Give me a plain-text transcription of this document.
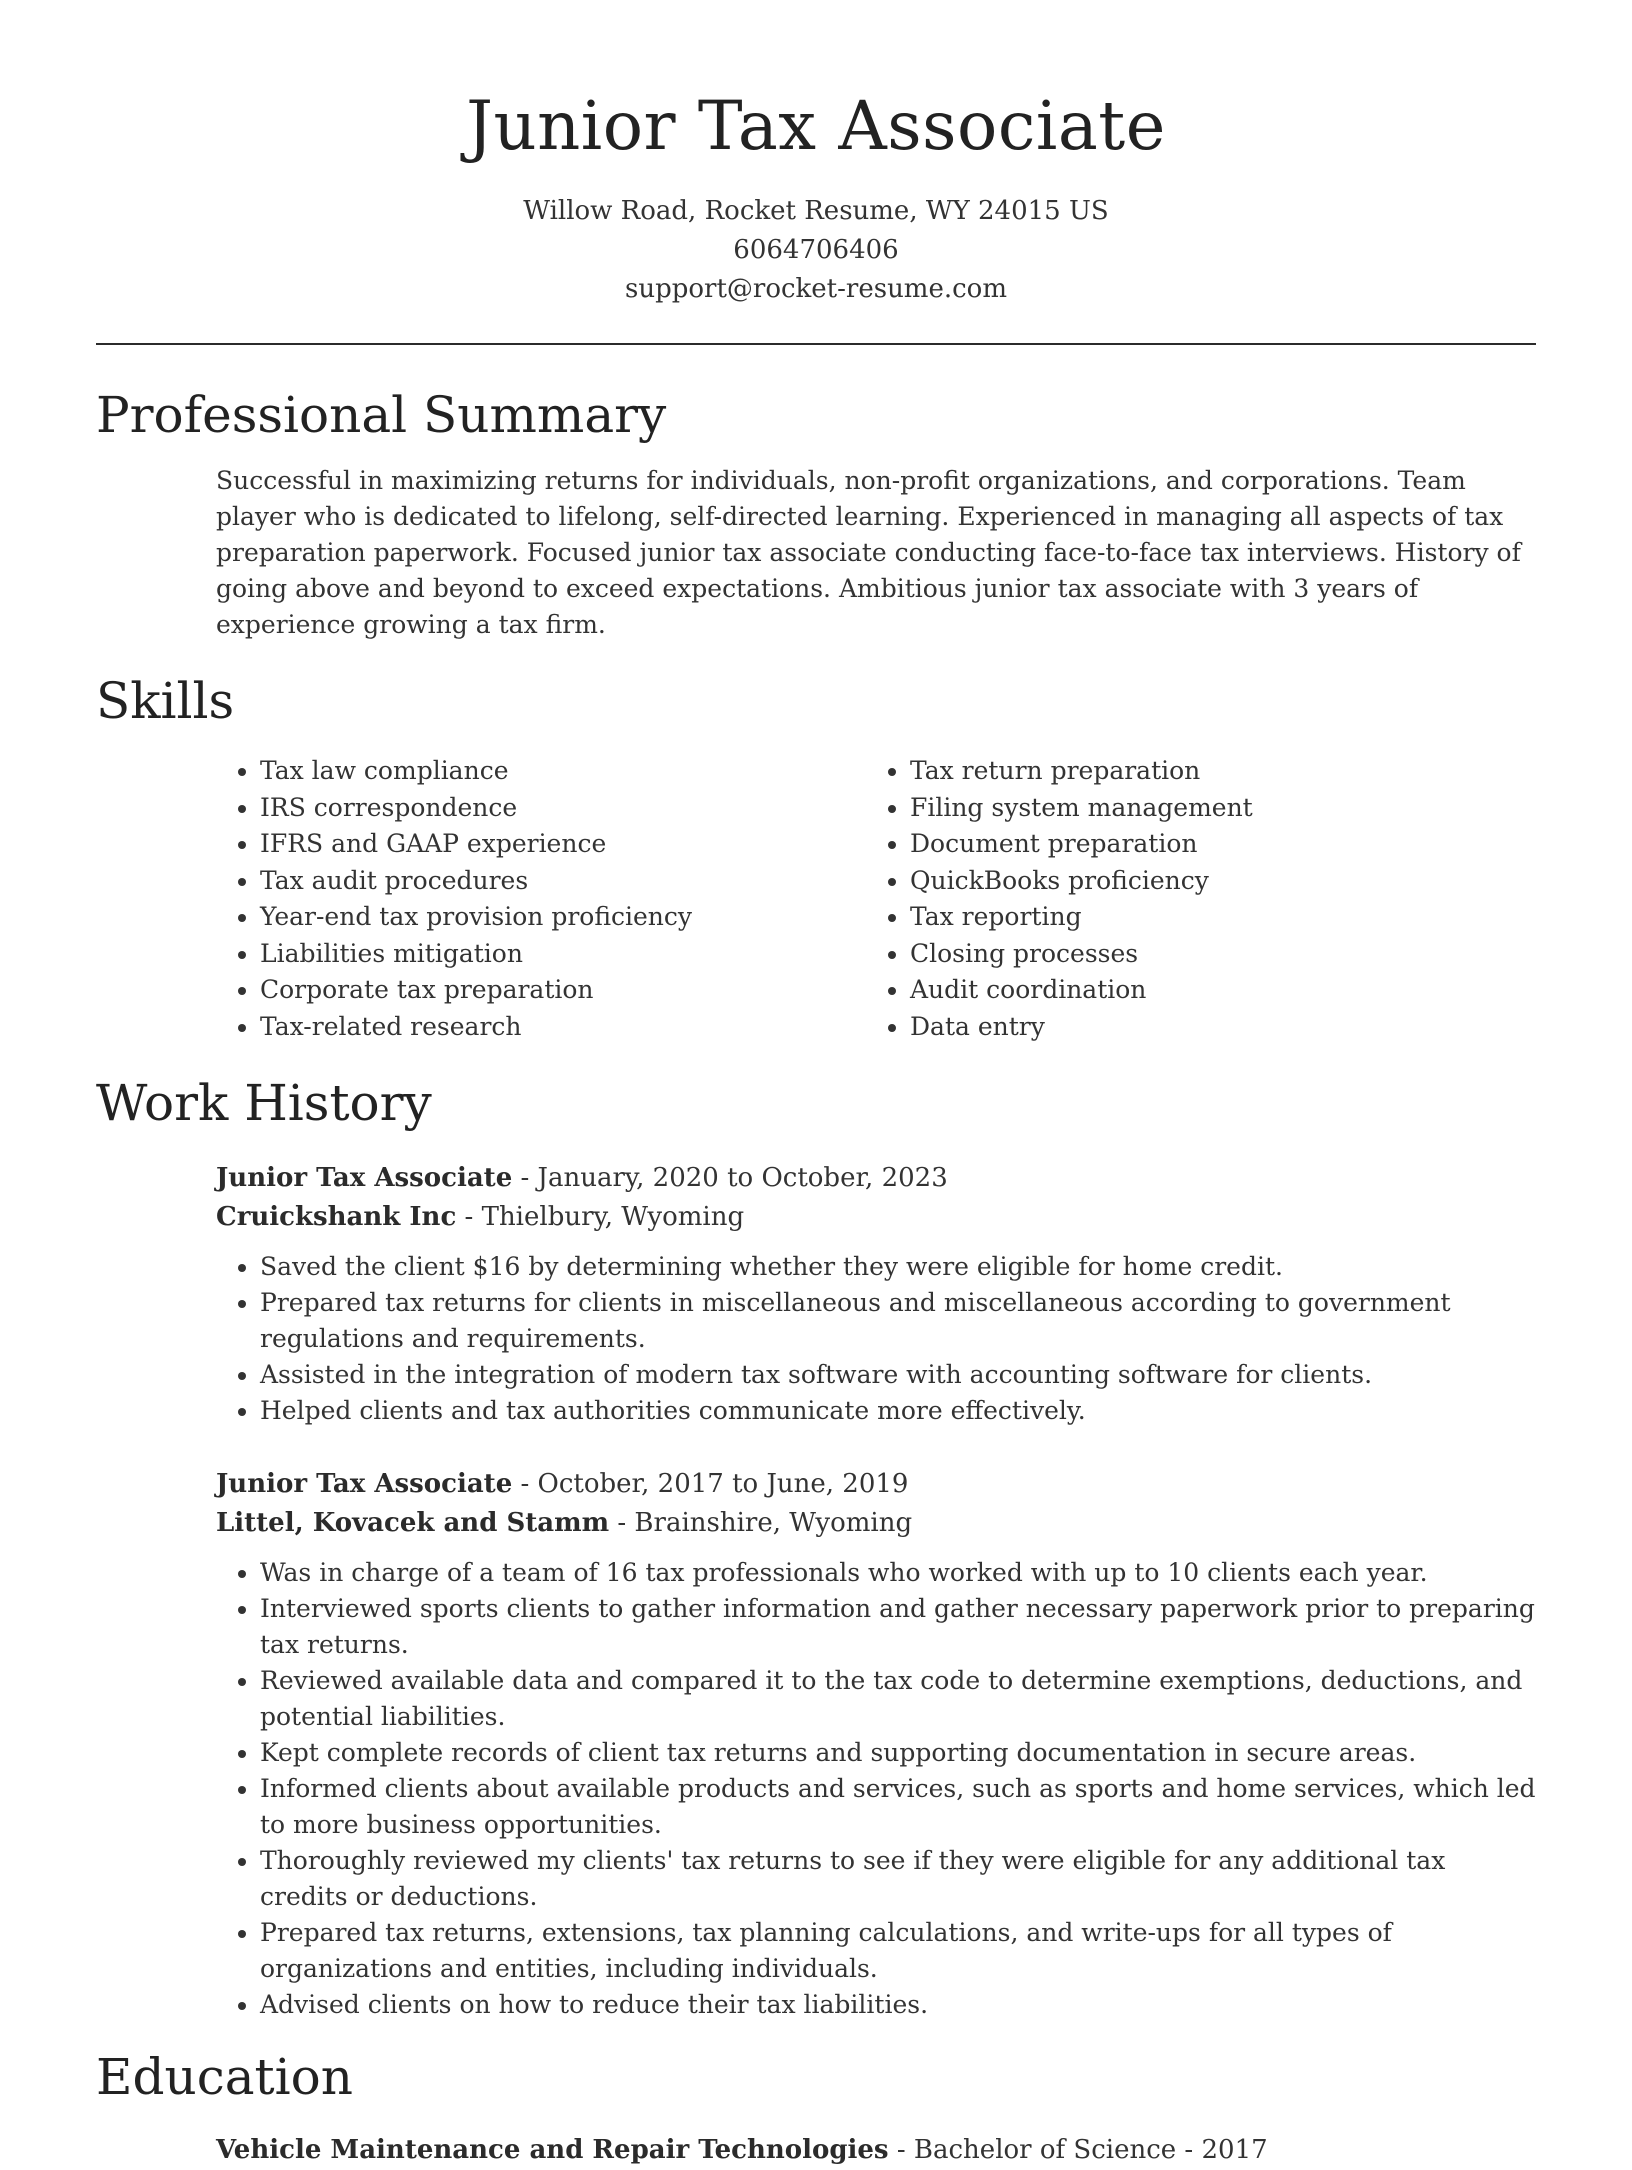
Junior Tax Associate
Willow Road, Rocket Resume, WY 24015 US
6064706406
support@rocket-resume.com
Professional Summary
Successful in maximizing returns for individuals, non-profit organizations, and corporations. Team player who is dedicated to lifelong, self-directed learning. Experienced in managing all aspects of tax preparation paperwork. Focused junior tax associate conducting face-to-face tax interviews. History of going above and beyond to exceed expectations. Ambitious junior tax associate with 3 years of experience growing a tax firm.
Skills
• Tax law compliance
• IRS correspondence
• IFRS and GAAP experience
• Tax audit procedures
• Year-end tax provision proficiency
• Liabilities mitigation
• Corporate tax preparation
• Tax-related research
• Tax return preparation
• Filing system management
• Document preparation
• QuickBooks proficiency
• Tax reporting
• Closing processes
• Audit coordination
• Data entry
Work History
Junior Tax Associate - January, 2020 to October, 2023
Cruickshank Inc - Thielbury, Wyoming
• Saved the client $16 by determining whether they were eligible for home credit.
• Prepared tax returns for clients in miscellaneous and miscellaneous according to government regulations and requirements.
• Assisted in the integration of modern tax software with accounting software for clients.
• Helped clients and tax authorities communicate more effectively.
Junior Tax Associate - October, 2017 to June, 2019
Littel, Kovacek and Stamm - Brainshire, Wyoming
• Was in charge of a team of 16 tax professionals who worked with up to 10 clients each year.
• Interviewed sports clients to gather information and gather necessary paperwork prior to preparing tax returns.
• Reviewed available data and compared it to the tax code to determine exemptions, deductions, and potential liabilities.
• Kept complete records of client tax returns and supporting documentation in secure areas.
• Informed clients about available products and services, such as sports and home services, which led to more business opportunities.
• Thoroughly reviewed my clients' tax returns to see if they were eligible for any additional tax credits or deductions.
• Prepared tax returns, extensions, tax planning calculations, and write-ups for all types of organizations and entities, including individuals.
• Advised clients on how to reduce their tax liabilities.
Education
Vehicle Maintenance and Repair Technologies - Bachelor of Science - 2017
